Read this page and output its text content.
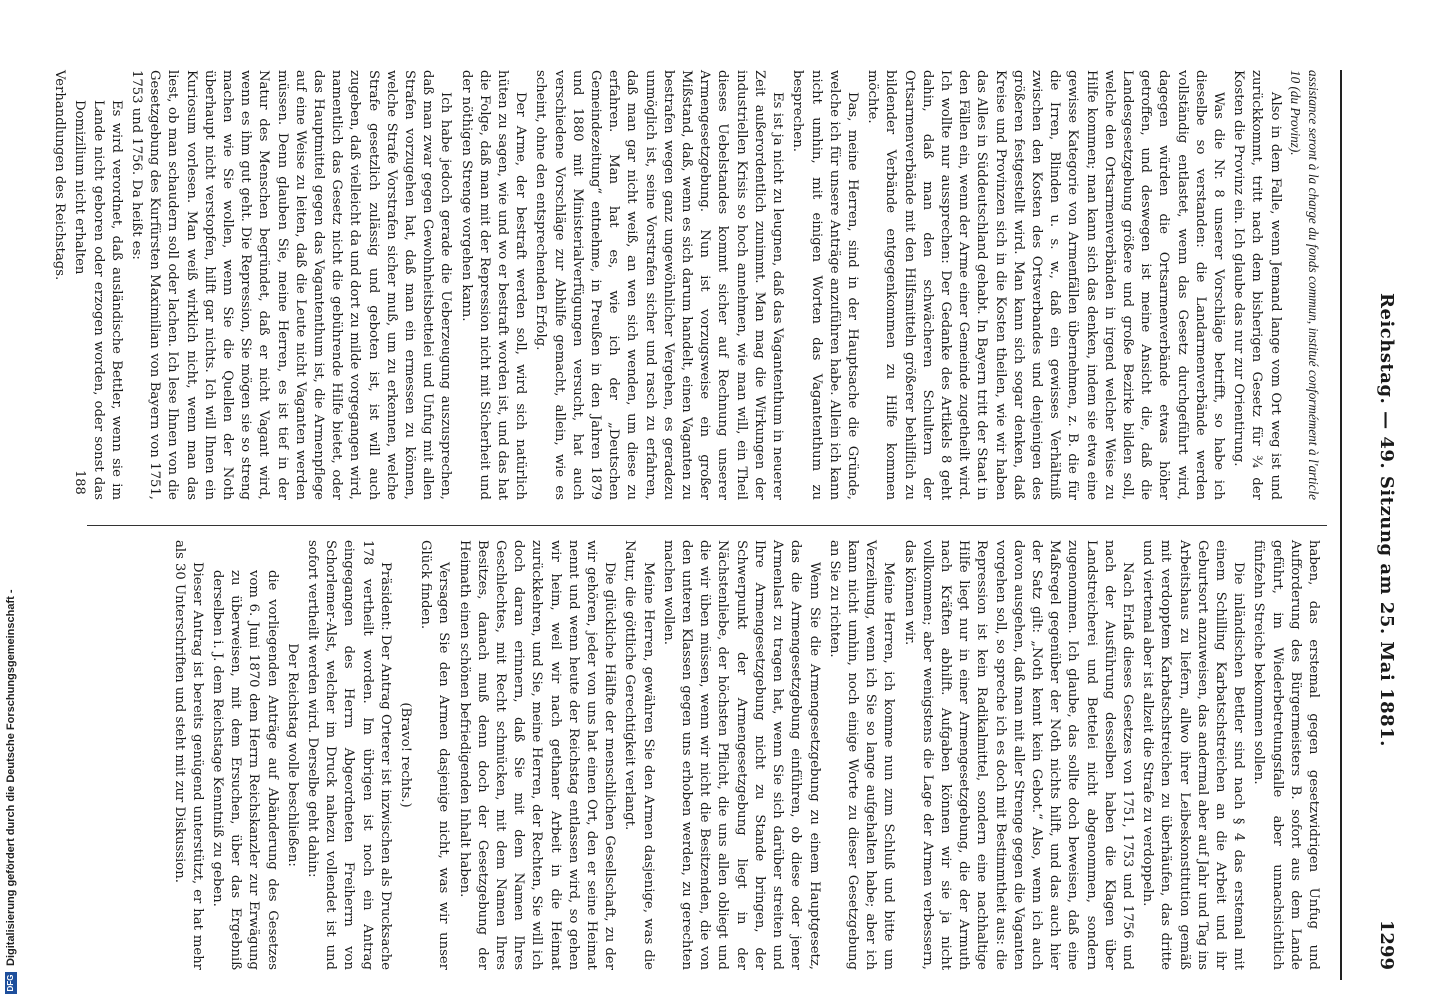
Reichstag. — 49. Sitzung am 25. Mai 1881.
1299

assistance seront à la charge du fonds commun, institué conformément à l'article 10 (du Provinz).

Also in dem Falle, wenn Jemand lange vom Ort weg ist und zurückkommt, tritt nach dem bisherigen Gesetz für ¾ der Kosten die Provinz ein. Ich glaube das nur zur Orientirung.

Was die Nr. 8 unserer Vorschläge betrifft, so habe ich dieselbe so verstanden: die Landarmenverbände werden vollständig entlastet, wenn das Gesetz durchgeführt wird, dagegen würden die Ortsarmenverbände etwas höher getroffen, und deswegen ist meine Ansicht die, daß die Landesgesetzgebung größere und große Bezirke bilden soll, welche den Ortsarmenverbänden in irgend welcher Weise zu Hilfe kommen; man kann sich das denken, indem sie etwa eine gewisse Kategorie von Armenfällen übernehmen, z. B. die für die Irren, Blinden u. s. w., daß ein gewisses Verhältniß zwischen den Kosten des Ortsverbandes und denjenigen des größeren festgestellt wird. Man kann sich sogar denken, daß Kreise und Provinzen sich in die Kosten theilen, wie wir haben das Alles in Süddeutschland gehabt. In Bayern tritt der Staat in den Fällen ein, wenn der Arme einer Gemeinde zugetheilt wird. Ich wollte nur aussprechen: Der Gedanke des Artikels 8 geht dahin, daß man den schwächeren Schultern der Ortsarmenverbände mit den Hilfsmitteln größerer behilflich zu bildender Verbände entgegenkommen zu Hilfe kommen möchte.

Das, meine Herren, sind in der Hauptsache die Gründe, welche ich für unsere Anträge anzuführen habe. Allein ich kann nicht umhin, mit einigen Worten das Vagantenthum zu besprechen.

Es ist ja nicht zu leugnen, daß das Vagantenthum in neuerer Zeit außerordentlich zunimmt. Man mag die Wirkungen der industriellen Krisis so hoch annehmen, wie man will, ein Theil dieses Uebelstandes kommt sicher auf Rechnung unserer Armengesetzgebung. Nun ist vorzugsweise ein großer Mißstand, daß, wenn es sich darum handelt, einen Vaganten zu bestrafen wegen ganz ungewöhnlicher Vergehen, es geradezu unmöglich ist, seine Vorstrafen sicher und rasch zu erfahren, daß man gar nicht weiß, an wen sich wenden, um diese zu erfahren. Man hat es, wie ich der „Deutschen Gemeindezeitung“ entnehme, in Preußen in den Jahren 1879 und 1880 mit Ministerialverfügungen versucht, hat auch verschiedene Vorschläge zur Abhilfe gemacht, allein, wie es scheint, ohne den entsprechenden Erfolg.

Der Arme, der bestraft werden soll, wird sich natürlich hüten zu sagen, wie und wo er bestraft worden ist, und das hat die Folge, daß man mit der Repression nicht mit Sicherheit und der nöthigen Strenge vorgehen kann.

Ich habe jedoch gerade die Ueberzeugung auszusprechen, daß man zwar gegen Gewohnheitsbettelei und Unfug mit allen Strafen vorzugehen hat, daß man ein ermessen zu können, welche Strafe Vorstrafen sicher muß, um zu erkennen, welche Strafe gesetzlich zulässig und geboten ist, ist will auch zugeben, daß vielleicht da und dort zu milde vorgegangen wird, namentlich das Gesetz nicht die gebührende Hilfe bietet, oder das Hauptmittel gegen das Vagantenthum ist, die Armenpflege auf eine Weise zu leiten, daß die Leute nicht Vaganten werden müssen. Denn glauben Sie, meine Herren, es ist tief in der Natur des Menschen begründet, daß er nicht Vagant wird, wenn es ihm gut geht. Die Repression, Sie mögen sie so streng machen wie Sie wollen, wenn Sie die Quellen der Noth überhaupt nicht verstopfen, hilft gar nichts. Ich will Ihnen ein Kuriosum vorlesen. Man weiß wirklich nicht, wenn man das liest, ob man schaudern soll oder lachen. Ich lese Ihnen von die Gesetzgebung des Kurfürsten Maximilian von Bayern von 1751, 1753 und 1756. Da heißt es:

Es wird verordnet, daß ausländische Bettler, wenn sie im Lande nicht geboren oder erzogen worden, oder sonst das Domizilium nicht erhalten

Verhandlungen des Reichstags.

haben, das erstemal gegen gesetzwidrigen Unfug und Aufforderung des Bürgermeisters B. sofort aus dem Lande geführt, im Wiederbetretungsfalle aber unnachsichtlich fünfzehn Streiche bekommen sollen.

Die inländischen Bettler sind nach § 4 das erstemal mit einem Schilling Karbatschstreichen an die Arbeit und ihr Geburtsort anzuweisen, das andermal aber auf Jahr und Tag ins Arbeitshaus zu liefern, allwo ihrer Leibeskonstitution gemäß mit verdopptem Karbatschstreichen zu überhäufen, das dritte und viertemal aber ist allzeit die Strafe zu verdoppeln.

Nach Erlaß dieses Gesetzes von 1751, 1753 und 1756 und nach der Ausführung desselben haben die Klagen über Landstreicherei und Bettelei nicht abgenommen, sondern zugenommen. Ich glaube, das sollte doch beweisen, daß eine Maßregel gegenüber der Noth nichts hilft, und das auch hier der Satz gilt: „Noth kennt kein Gebot.“ Also, wenn ich auch davon ausgehen, daß man mit aller Strenge gegen die Vaganten vorgehen soll, so spreche ich es doch mit Bestimmtheit aus: die Repression ist kein Radikalmittel, sondern eine nachhaltige Hilfe liegt nur in einer Armengesetzgebung, die der Armuth nach Kräften abhilft. Aufgaben können wir sie ja nicht vollkommen; aber wenigstens die Lage der Armen verbessern, das können wir.

Meine Herren, ich komme nun zum Schluß und bitte um Verzeihung, wenn ich Sie so lange aufgehalten habe; aber ich kann nicht umhin, noch einige Worte zu dieser Gesetzgebung an Sie zu richten.

Wenn Sie die Armengesetzgebung zu einem Hauptgesetz, das die Armengesetzgebung einführen, ob diese oder jener Armenlast zu tragen hat, wenn Sie sich darüber streiten und Ihre Armengesetzgebung nicht zu Stande bringen, der Schwerpunkt der Armengesetzgebung liegt in der Nächstenliebe, der höchsten Pflicht, die uns allen obliegt und die wir üben müssen, wenn wir nicht die Besitzenden, die von den unteren Klassen gegen uns erhoben werden, zu gerechten machen wollen.

Meine Herren, gewähren Sie den Armen dasjenige, was die Natur, die göttliche Gerechtigkeit verlangt.

Die glückliche Hälfte der menschlichen Gesellschaft, zu der wir gehören, jeder von uns hat einen Ort, den er seine Heimat nennt und wenn heute der Reichstag entlassen wird, so gehen wir heim, weil wir nach gethaner Arbeit in die Heimat zurückkehren, und Sie, meine Herren, der Rechten, Sie will ich doch daran erinnern, daß Sie mit dem Namen Ihres Geschlechtes, mit Recht schmücken, mit dem Namen Ihres Besitzes, danach muß denn doch der Gesetzgebung der Heimath einen schönen befriedigenden Inhalt haben.

Versagen Sie den Armen dasjenige nicht, was wir unser Glück finden.

(Bravo! rechts.)

Präsident: Der Antrag Orterer ist inzwischen als Drucksache 178 vertheilt worden. Im übrigen ist noch ein Antrag eingegangen des Herrn Abgeordneten Freiherrn von Schorlemer-Alst, welcher im Druck nahezu vollendet ist und sofort vertheilt werden wird. Derselbe geht dahin:

Der Reichstag wolle beschließen:

die vorliegenden Anträge auf Abänderung des Gesetzes vom 6. Juni 1870 dem Herrn Reichskanzler zur Erwägung zu überweisen, mit dem Ersuchen, über das Ergebniß derselben i. J. dem Reichstage Kenntniß zu geben.

Dieser Antrag ist bereits genügend unterstützt, er hat mehr als 30 Unterschriften und steht mit zur Diskussion.

188
DFG
Digitalisierung gefördert durch die Deutsche Forschungsgemeinschaft -
